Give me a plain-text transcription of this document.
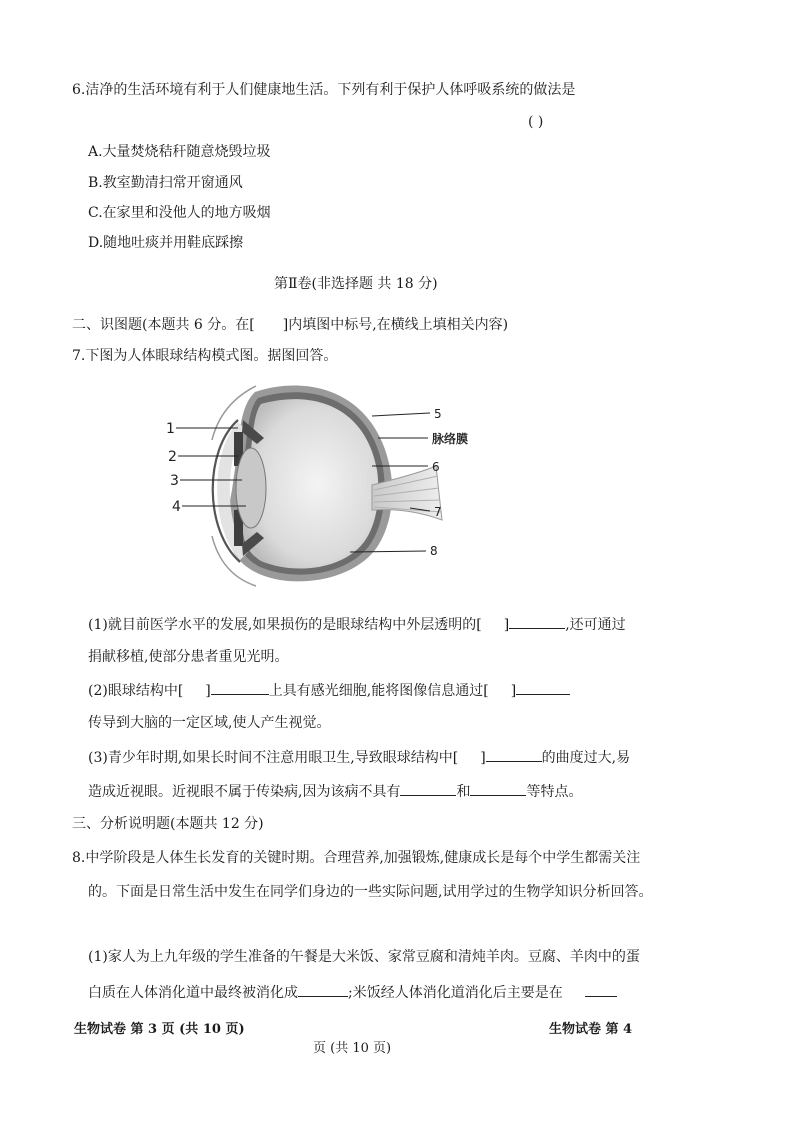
6.洁净的生活环境有利于人们健康地生活。下列有利于保护人体呼吸系统的做法是
( )
A.大量焚烧秸秆随意烧毁垃圾
B.教室勤清扫常开窗通风
C.在家里和没他人的地方吸烟
D.随地吐痰并用鞋底踩擦
第Ⅱ卷(非选择题 共 18 分)
二、识图题(本题共 6 分。在[ ]内填图中标号,在横线上填相关内容)
7.下图为人体眼球结构模式图。据图回答。
1
2
3
4
5
脉络膜
6
7
8
(1)就目前医学水平的发展,如果损伤的是眼球结构中外层透明的[ ]	,还可通过
捐献移植,使部分患者重见光明。
(2)眼球结构中[ ]	上具有感光细胞,能将图像信息通过[ ]
传导到大脑的一定区域,使人产生视觉。
(3)青少年时期,如果长时间不注意用眼卫生,导致眼球结构中[ ]	的曲度过大,易
造成近视眼。近视眼不属于传染病,因为该病不具有	和	等特点。
三、分析说明题(本题共 12 分)
8.中学阶段是人体生长发育的关键时期。合理营养,加强锻炼,健康成长是每个中学生都需关注
的。下面是日常生活中发生在同学们身边的一些实际问题,试用学过的生物学知识分析回答。
(1)家人为上九年级的学生准备的午餐是大米饭、家常豆腐和清炖羊肉。豆腐、羊肉中的蛋
白质在人体消化道中最终被消化成	;米饭经人体消化道消化后主要是在
生物试卷 第 3 页 (共 10 页)	生物试卷 第 4
页 (共 10 页)
